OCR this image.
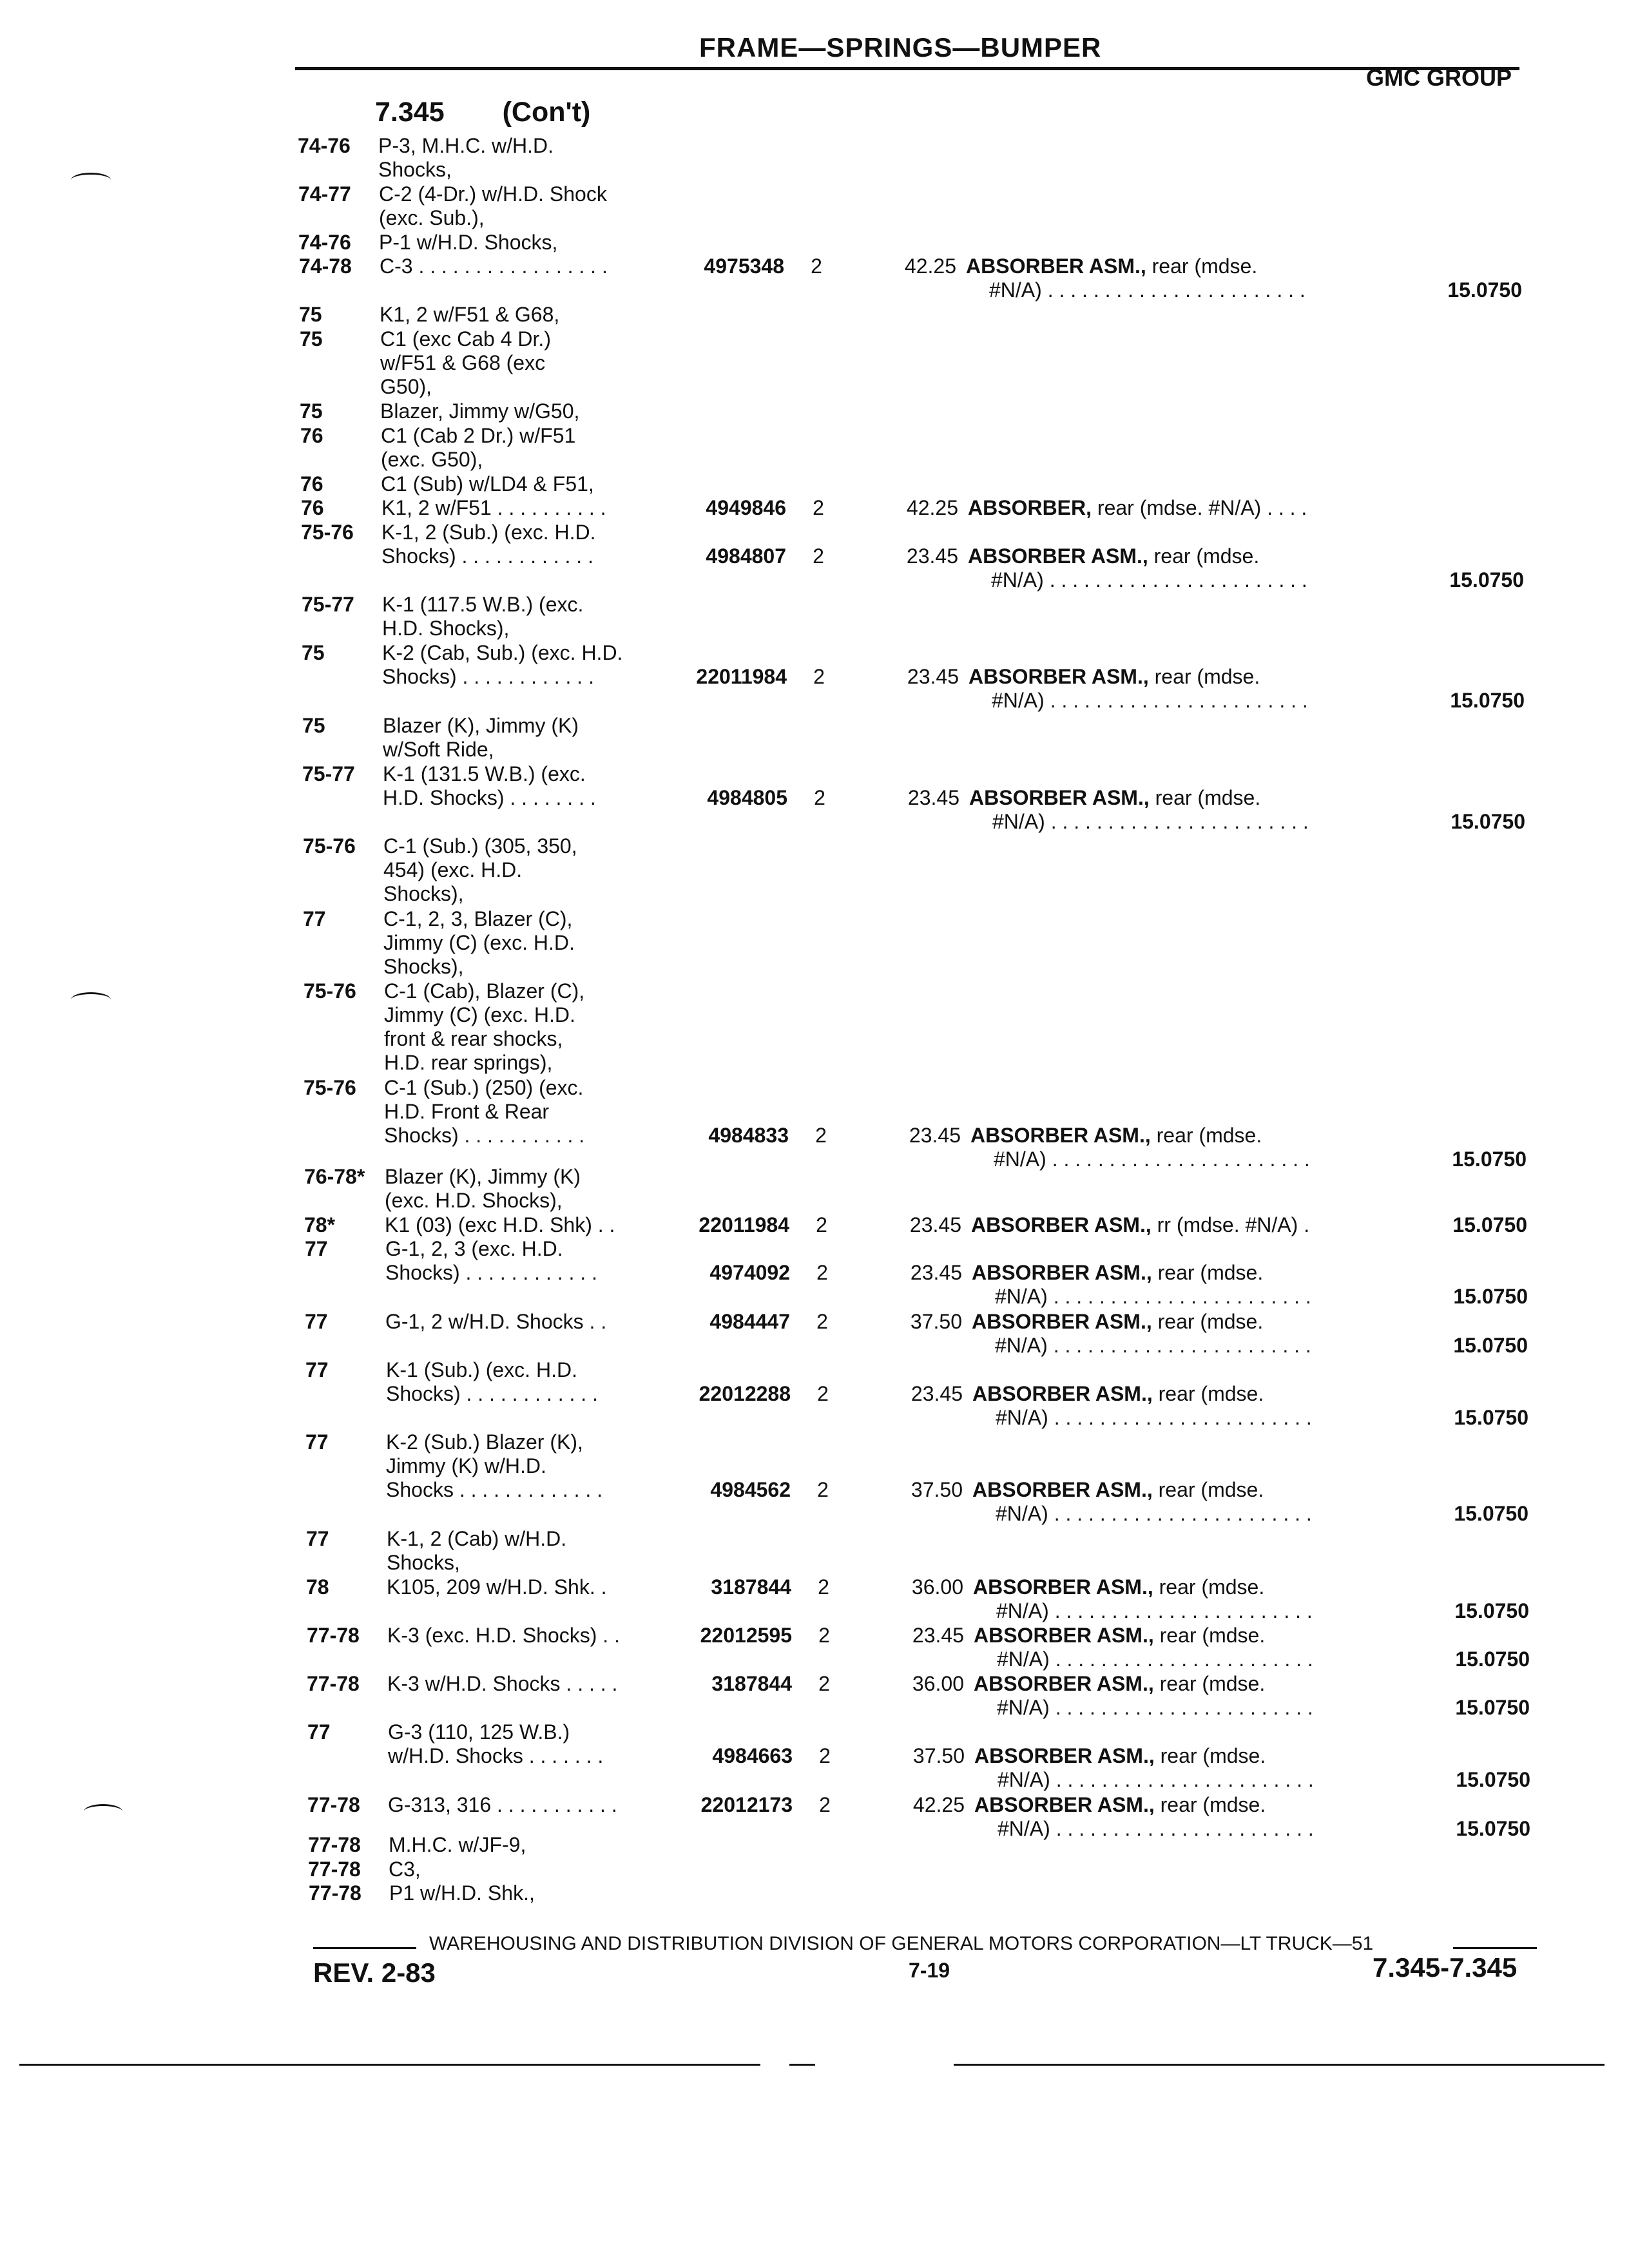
FRAME—SPRINGS—BUMPER
GMC GROUP
7.345 (Con't)
74-76	P-3, M.H.C. w/H.D.
Shocks,
74-77	C-2 (4-Dr.) w/H.D. Shock
(exc. Sub.),
74-76	P-1 w/H.D. Shocks,
74-78	C-3 . . . . . . . . . . . . . . . . .	4975348 2	42.25 ABSORBER ASM., rear (mdse.
#N/A) . . . . . . . . . . . . . . . . . . . . . . .	15.0750
75	K1, 2 w/F51 & G68,
75	C1 (exc Cab 4 Dr.)
w/F51 & G68 (exc
G50),
75	Blazer, Jimmy w/G50,
76	C1 (Cab 2 Dr.) w/F51
(exc. G50),
76	C1 (Sub) w/LD4 & F51,
76	K1, 2 w/F51 . . . . . . . . . .	4949846 2	42.25 ABSORBER, rear (mdse. #N/A) . . . .
75-76	K-1, 2 (Sub.) (exc. H.D.
Shocks) . . . . . . . . . . . .	4984807 2	23.45 ABSORBER ASM., rear (mdse.
#N/A) . . . . . . . . . . . . . . . . . . . . . . .	15.0750
75-77	K-1 (117.5 W.B.) (exc.
H.D. Shocks),
75	K-2 (Cab, Sub.) (exc. H.D.
Shocks) . . . . . . . . . . . .	22011984 2	23.45 ABSORBER ASM., rear (mdse.
#N/A) . . . . . . . . . . . . . . . . . . . . . . .	15.0750
75	Blazer (K), Jimmy (K)
w/Soft Ride,
75-77	K-1 (131.5 W.B.) (exc.
H.D. Shocks) . . . . . . . .	4984805 2	23.45 ABSORBER ASM., rear (mdse.
#N/A) . . . . . . . . . . . . . . . . . . . . . . .	15.0750
75-76	C-1 (Sub.) (305, 350,
454) (exc. H.D.
Shocks),
77	C-1, 2, 3, Blazer (C),
Jimmy (C) (exc. H.D.
Shocks),
75-76	C-1 (Cab), Blazer (C),
Jimmy (C) (exc. H.D.
front & rear shocks,
H.D. rear springs),
75-76	C-1 (Sub.) (250) (exc.
H.D. Front & Rear
Shocks) . . . . . . . . . . .	4984833 2	23.45 ABSORBER ASM., rear (mdse.
#N/A) . . . . . . . . . . . . . . . . . . . . . . .	15.0750
76-78* Blazer (K), Jimmy (K)
(exc. H.D. Shocks),
78*	K1 (03) (exc H.D. Shk) . .	22011984 2	23.45 ABSORBER ASM., rr (mdse. #N/A) .	15.0750
77	G-1, 2, 3 (exc. H.D.
Shocks) . . . . . . . . . . . .	4974092 2	23.45 ABSORBER ASM., rear (mdse.
#N/A) . . . . . . . . . . . . . . . . . . . . . . .	15.0750
77	G-1, 2 w/H.D. Shocks . .	4984447 2	37.50 ABSORBER ASM., rear (mdse.
#N/A) . . . . . . . . . . . . . . . . . . . . . . .	15.0750
77	K-1 (Sub.) (exc. H.D.
Shocks) . . . . . . . . . . . .	22012288 2	23.45 ABSORBER ASM., rear (mdse.
#N/A) . . . . . . . . . . . . . . . . . . . . . . .	15.0750
77	K-2 (Sub.) Blazer (K),
Jimmy (K) w/H.D.
Shocks . . . . . . . . . . . . .	4984562 2	37.50 ABSORBER ASM., rear (mdse.
#N/A) . . . . . . . . . . . . . . . . . . . . . . .	15.0750
77	K-1, 2 (Cab) w/H.D.
Shocks,
78	K105, 209 w/H.D. Shk. .	3187844 2	36.00 ABSORBER ASM., rear (mdse.
#N/A) . . . . . . . . . . . . . . . . . . . . . . .	15.0750
77-78	K-3 (exc. H.D. Shocks) . .	22012595 2	23.45 ABSORBER ASM., rear (mdse.
#N/A) . . . . . . . . . . . . . . . . . . . . . . .	15.0750
77-78	K-3 w/H.D. Shocks . . . . .	3187844 2	36.00 ABSORBER ASM., rear (mdse.
#N/A) . . . . . . . . . . . . . . . . . . . . . . .	15.0750
77	G-3 (110, 125 W.B.)
w/H.D. Shocks . . . . . . .	4984663 2	37.50 ABSORBER ASM., rear (mdse.
#N/A) . . . . . . . . . . . . . . . . . . . . . . .	15.0750
77-78	G-313, 316 . . . . . . . . . . .	22012173 2	42.25 ABSORBER ASM., rear (mdse.
#N/A) . . . . . . . . . . . . . . . . . . . . . . .	15.0750
77-78	M.H.C. w/JF-9,
77-78	C3,
77-78	P1 w/H.D. Shk.,
WAREHOUSING AND DISTRIBUTION DIVISION OF GENERAL MOTORS CORPORATION—LT TRUCK—51
REV. 2-83	7-19	7.345-7.345
